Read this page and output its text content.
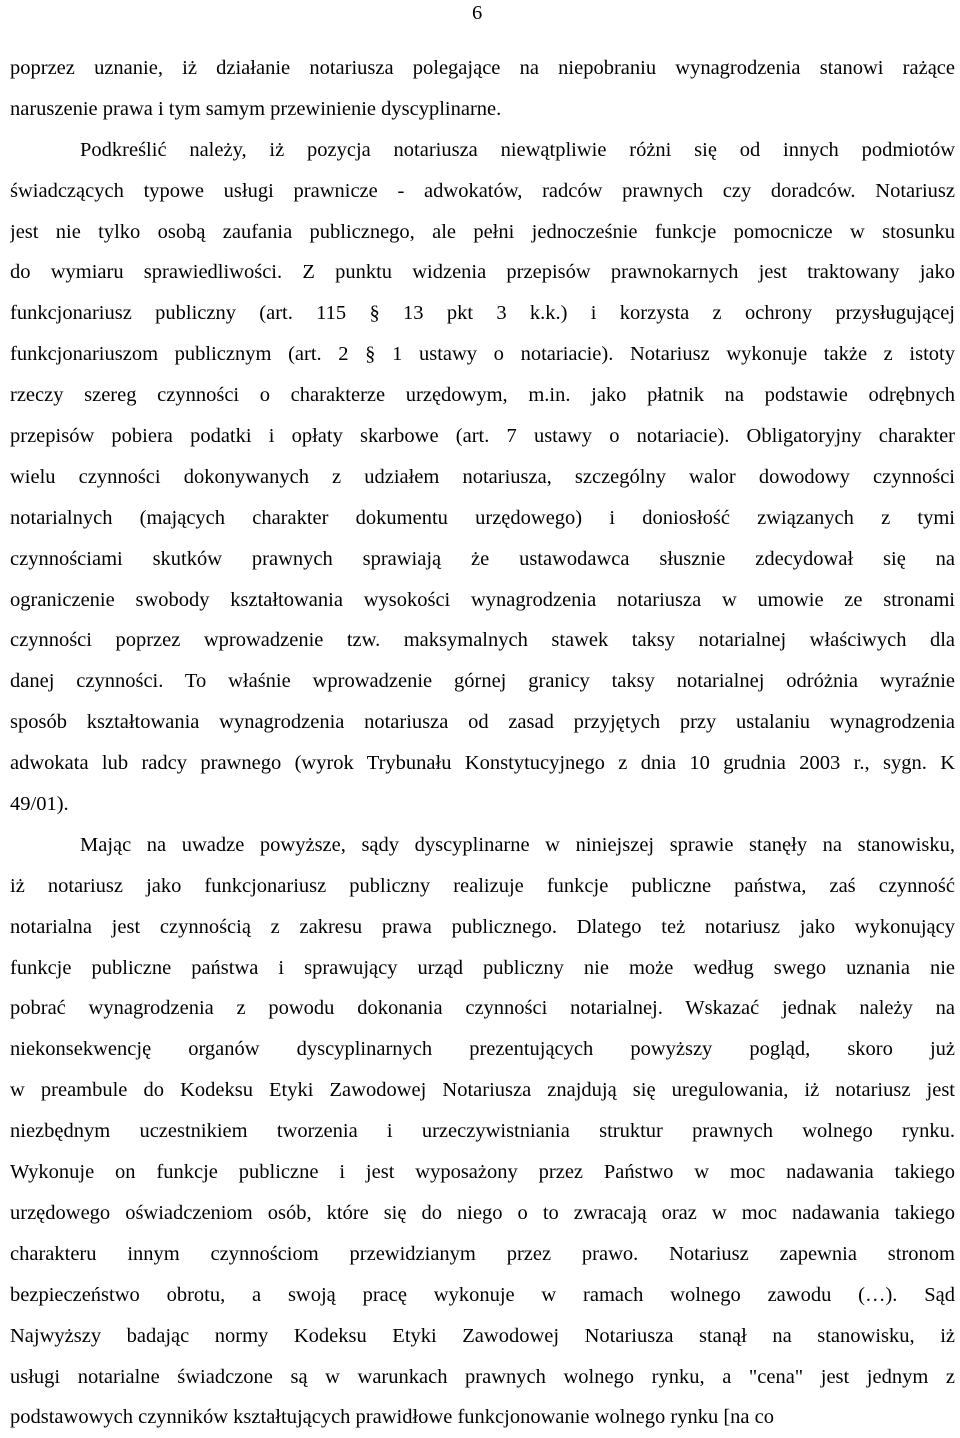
6
poprzez uznanie, iż działanie notariusza polegające na niepobraniu wynagrodzenia stanowi rażące
naruszenie prawa i tym samym przewinienie dyscyplinarne.
Podkreślić należy, iż pozycja notariusza niewątpliwie różni się od innych podmiotów
świadczących typowe usługi prawnicze - adwokatów, radców prawnych czy doradców. Notariusz
jest nie tylko osobą zaufania publicznego, ale pełni jednocześnie funkcje pomocnicze w stosunku
do wymiaru sprawiedliwości. Z punktu widzenia przepisów prawnokarnych jest traktowany jako
funkcjonariusz publiczny (art. 115 § 13 pkt 3 k.k.) i korzysta z ochrony przysługującej
funkcjonariuszom publicznym (art. 2 § 1 ustawy o notariacie). Notariusz wykonuje także z istoty
rzeczy szereg czynności o charakterze urzędowym, m.in. jako płatnik na podstawie odrębnych
przepisów pobiera podatki i opłaty skarbowe (art. 7 ustawy o notariacie). Obligatoryjny charakter
wielu czynności dokonywanych z udziałem notariusza, szczególny walor dowodowy czynności
notarialnych (mających charakter dokumentu urzędowego) i doniosłość związanych z tymi
czynnościami skutków prawnych sprawiają że ustawodawca słusznie zdecydował się na
ograniczenie swobody kształtowania wysokości wynagrodzenia notariusza w umowie ze stronami
czynności poprzez wprowadzenie tzw. maksymalnych stawek taksy notarialnej właściwych dla
danej czynności. To właśnie wprowadzenie górnej granicy taksy notarialnej odróżnia wyraźnie
sposób kształtowania wynagrodzenia notariusza od zasad przyjętych przy ustalaniu wynagrodzenia
adwokata lub radcy prawnego (wyrok Trybunału Konstytucyjnego z dnia 10 grudnia 2003 r., sygn. K
49/01).
Mając na uwadze powyższe, sądy dyscyplinarne w niniejszej sprawie stanęły na stanowisku,
iż notariusz jako funkcjonariusz publiczny realizuje funkcje publiczne państwa, zaś czynność
notarialna jest czynnością z zakresu prawa publicznego. Dlatego też notariusz jako wykonujący
funkcje publiczne państwa i sprawujący urząd publiczny nie może według swego uznania nie
pobrać wynagrodzenia z powodu dokonania czynności notarialnej. Wskazać jednak należy na
niekonsekwencję organów dyscyplinarnych prezentujących powyższy pogląd, skoro już
w preambule do Kodeksu Etyki Zawodowej Notariusza znajdują się uregulowania, iż notariusz jest
niezbędnym uczestnikiem tworzenia i urzeczywistniania struktur prawnych wolnego rynku.
Wykonuje on funkcje publiczne i jest wyposażony przez Państwo w moc nadawania takiego
urzędowego oświadczeniom osób, które się do niego o to zwracają oraz w moc nadawania takiego
charakteru innym czynnościom przewidzianym przez prawo. Notariusz zapewnia stronom
bezpieczeństwo obrotu, a swoją pracę wykonuje w ramach wolnego zawodu (…). Sąd
Najwyższy badając normy Kodeksu Etyki Zawodowej Notariusza stanął na stanowisku, iż
usługi notarialne świadczone są w warunkach prawnych wolnego rynku, a "cena" jest jednym z
podstawowych czynników kształtujących prawidłowe funkcjonowanie wolnego rynku [na co
